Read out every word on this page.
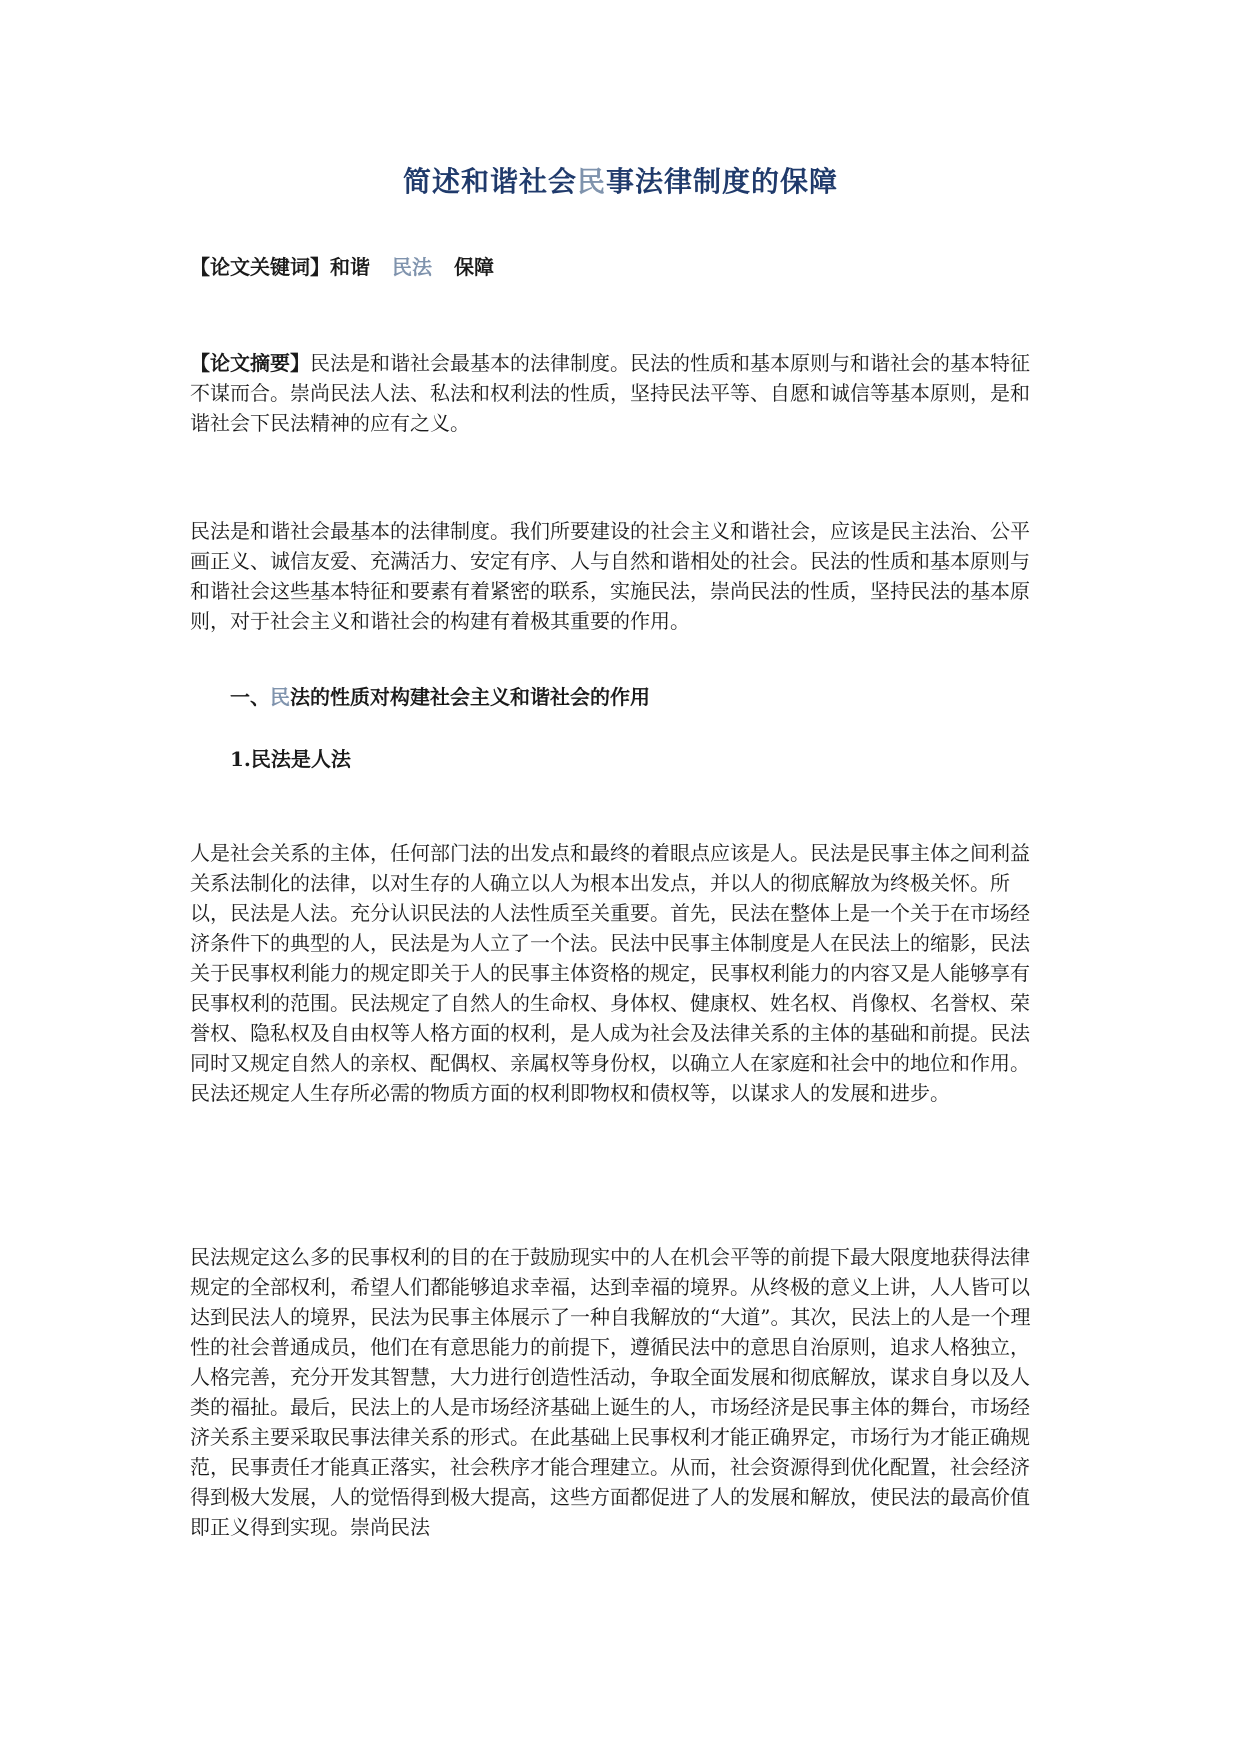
简述和谐社会民事法律制度的保障

【论文关键词】和谐 民法 保障

【论文摘要】民法是和谐社会最基本的法律制度。民法的性质和基本原则与和谐社会的基本特征不谋而合。崇尚民法人法、私法和权利法的性质，坚持民法平等、自愿和诚信等基本原则，是和谐社会下民法精神的应有之义。

民法是和谐社会最基本的法律制度。我们所要建设的社会主义和谐社会，应该是民主法治、公平画正义、诚信友爱、充满活力、安定有序、人与自然和谐相处的社会。民法的性质和基本原则与和谐社会这些基本特征和要素有着紧密的联系，实施民法，崇尚民法的性质，坚持民法的基本原则，对于社会主义和谐社会的构建有着极其重要的作用。

一、民法的性质对构建社会主义和谐社会的作用
1.民法是人法

人是社会关系的主体，任何部门法的出发点和最终的着眼点应该是人。民法是民事主体之间利益关系法制化的法律，以对生存的人确立以人为根本出发点，并以人的彻底解放为终极关怀。所以，民法是人法。充分认识民法的人法性质至关重要。首先，民法在整体上是一个关于在市场经济条件下的典型的人，民法是为人立了一个法。民法中民事主体制度是人在民法上的缩影，民法关于民事权利能力的规定即关于人的民事主体资格的规定，民事权利能力的内容又是人能够享有民事权利的范围。民法规定了自然人的生命权、身体权、健康权、姓名权、肖像权、名誉权、荣誉权、隐私权及自由权等人格方面的权利，是人成为社会及法律关系的主体的基础和前提。民法同时又规定自然人的亲权、配偶权、亲属权等身份权，以确立人在家庭和社会中的地位和作用。民法还规定人生存所必需的物质方面的权利即物权和债权等，以谋求人的发展和进步。

民法规定这么多的民事权利的目的在于鼓励现实中的人在机会平等的前提下最大限度地获得法律规定的全部权利，希望人们都能够追求幸福，达到幸福的境界。从终极的意义上讲，人人皆可以达到民法人的境界，民法为民事主体展示了一种自我解放的“大道”。其次，民法上的人是一个理性的社会普通成员，他们在有意思能力的前提下，遵循民法中的意思自治原则，追求人格独立，人格完善，充分开发其智慧，大力进行创造性活动，争取全面发展和彻底解放，谋求自身以及人类的福扯。最后，民法上的人是市场经济基础上诞生的人，市场经济是民事主体的舞台，市场经济关系主要采取民事法律关系的形式。在此基础上民事权利才能正确界定，市场行为才能正确规范，民事责任才能真正落实，社会秩序才能合理建立。从而，社会资源得到优化配置，社会经济得到极大发展，人的觉悟得到极大提高，这些方面都促进了人的发展和解放，使民法的最高价值即正义得到实现。崇尚民法
